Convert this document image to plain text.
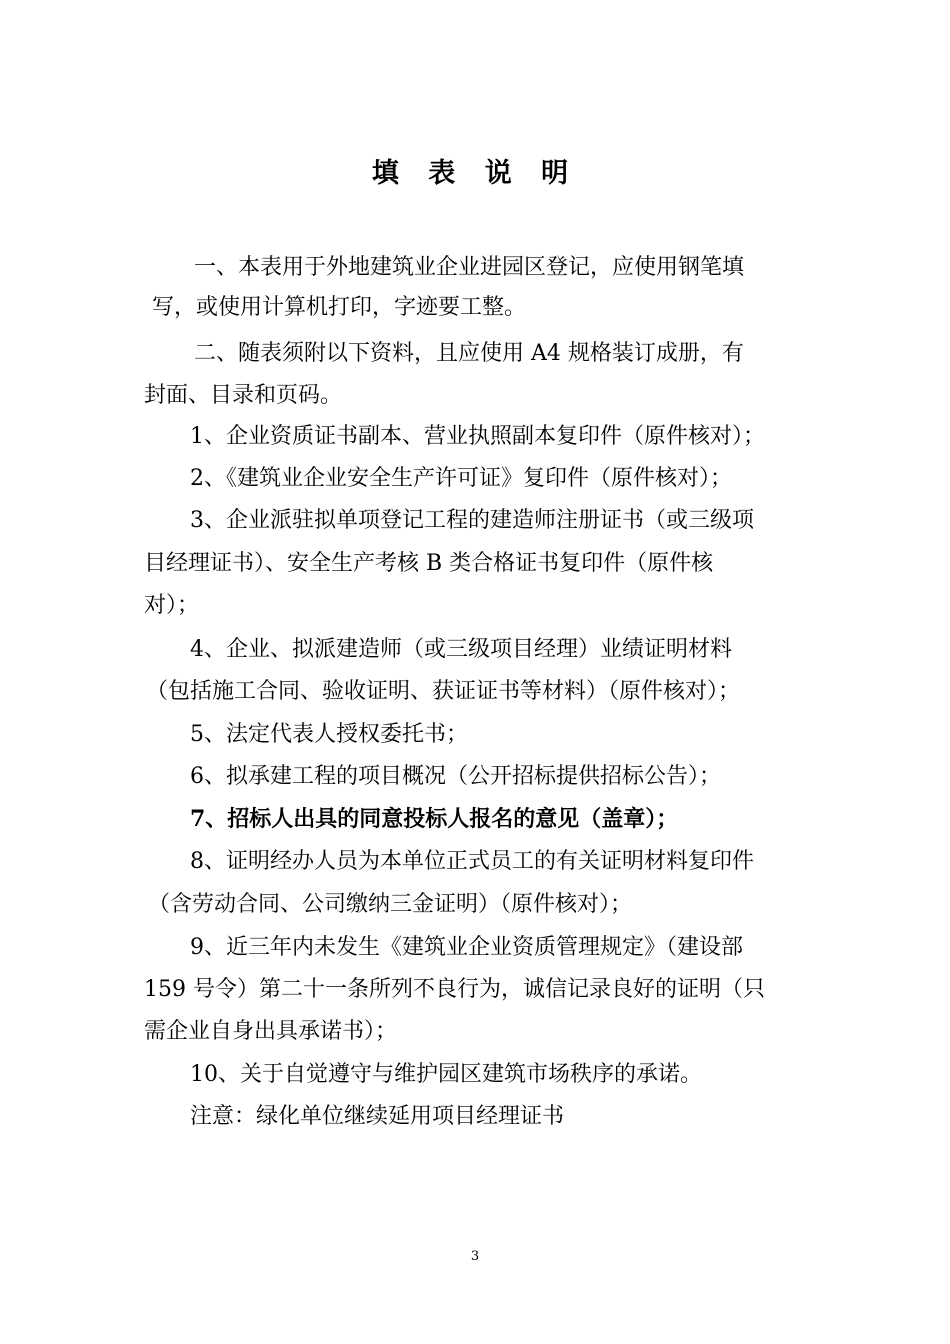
填 表 说 明
一、本表用于外地建筑业企业进园区登记，应使用钢笔填
写，或使用计算机打印，字迹要工整。
二、随表须附以下资料，且应使用 A4 规格装订成册，有
封面、目录和页码。
1、企业资质证书副本、营业执照副本复印件（原件核对）；
2、《建筑业企业安全生产许可证》复印件（原件核对）；
3、企业派驻拟单项登记工程的建造师注册证书（或三级项
目经理证书）、安全生产考核 B 类合格证书复印件（原件核
对）；
4、企业、拟派建造师（或三级项目经理）业绩证明材料
（包括施工合同、验收证明、获证证书等材料）（原件核对）；
5、法定代表人授权委托书；
6、拟承建工程的项目概况（公开招标提供招标公告）；
7、招标人出具的同意投标人报名的意见（盖章）；
8、证明经办人员为本单位正式员工的有关证明材料复印件
（含劳动合同、公司缴纳三金证明）（原件核对）；
9、近三年内未发生《建筑业企业资质管理规定》（建设部
159 号令）第二十一条所列不良行为，诚信记录良好的证明（只
需企业自身出具承诺书）；
10、关于自觉遵守与维护园区建筑市场秩序的承诺。
注意：绿化单位继续延用项目经理证书
3
